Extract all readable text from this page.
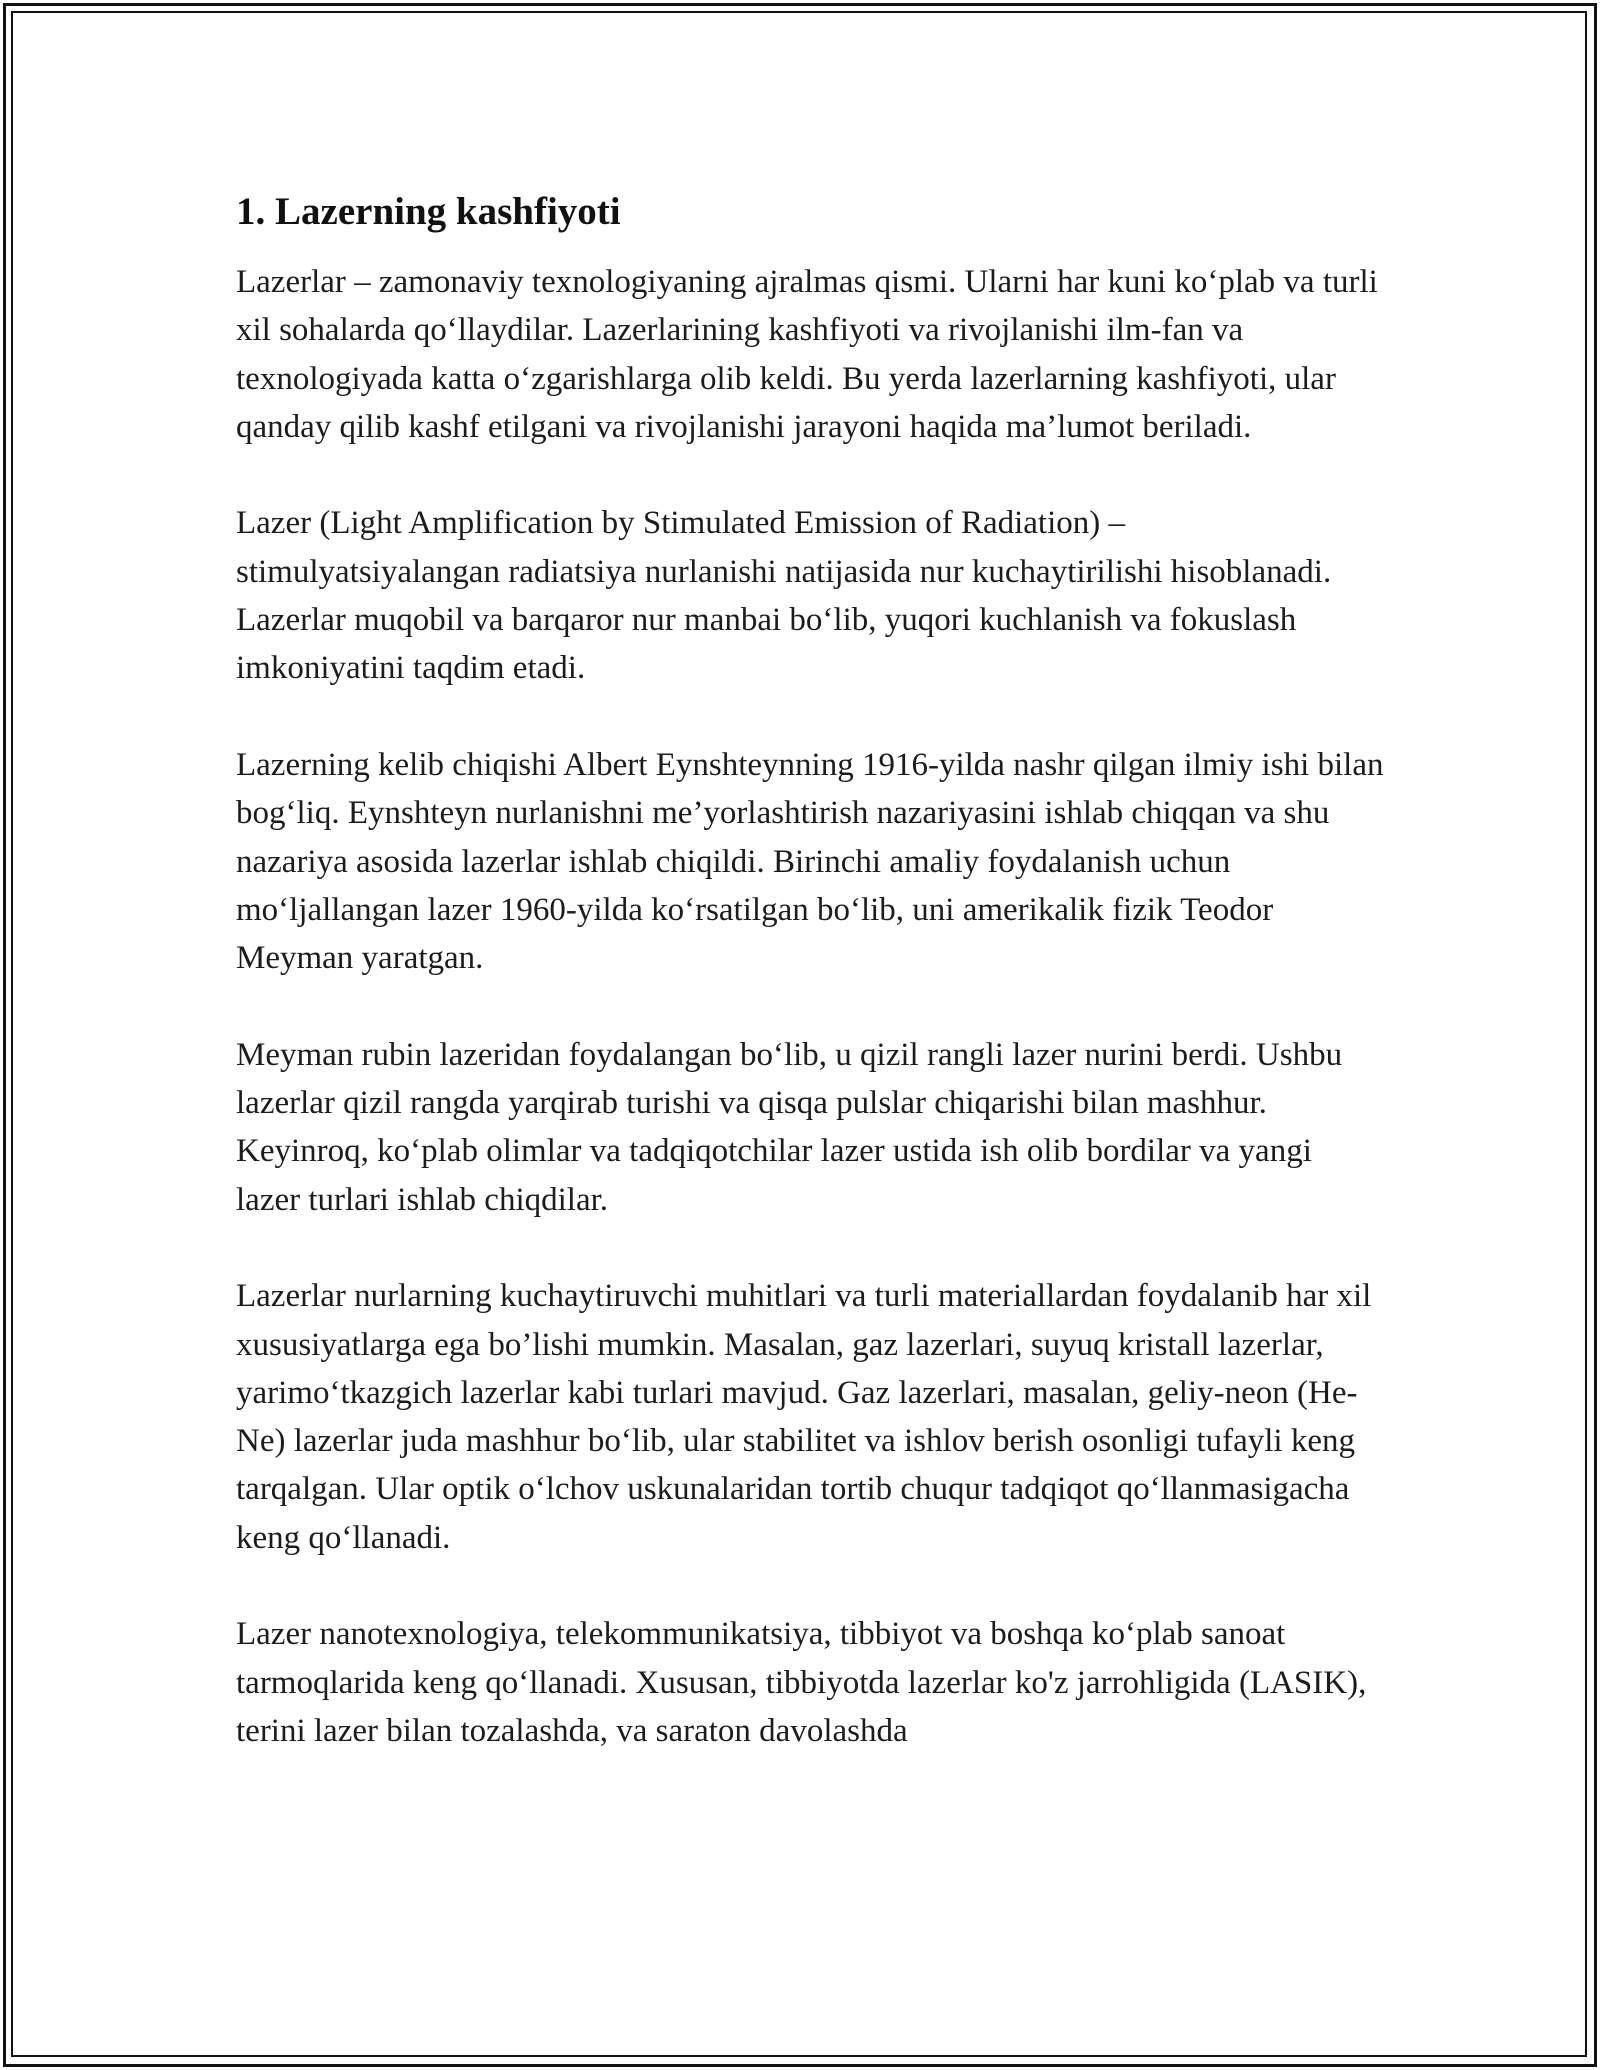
1. Lazerning kashfiyoti

Lazerlar – zamonaviy texnologiyaning ajralmas qismi. Ularni har kuni ko‘plab va turli xil sohalarda qo‘llaydilar. Lazerlarining kashfiyoti va rivojlanishi ilm-fan va texnologiyada katta o‘zgarishlarga olib keldi. Bu yerda lazerlarning kashfiyoti, ular qanday qilib kashf etilgani va rivojlanishi jarayoni haqida ma’lumot beriladi.

Lazer (Light Amplification by Stimulated Emission of Radiation) – stimulyatsiyalangan radiatsiya nurlanishi natijasida nur kuchaytirilishi hisoblanadi. Lazerlar muqobil va barqaror nur manbai bo‘lib, yuqori kuchlanish va fokuslash imkoniyatini taqdim etadi.

Lazerning kelib chiqishi Albert Eynshteynning 1916-yilda nashr qilgan ilmiy ishi bilan bog‘liq. Eynshteyn nurlanishni me’yorlashtirish nazariyasini ishlab chiqqan va shu nazariya asosida lazerlar ishlab chiqildi. Birinchi amaliy foydalanish uchun mo‘ljallangan lazer 1960-yilda ko‘rsatilgan bo‘lib, uni amerikalik fizik Teodor Meyman yaratgan.

Meyman rubin lazeridan foydalangan bo‘lib, u qizil rangli lazer nurini berdi. Ushbu lazerlar qizil rangda yarqirab turishi va qisqa pulslar chiqarishi bilan mashhur. Keyinroq, ko‘plab olimlar va tadqiqotchilar lazer ustida ish olib bordilar va yangi lazer turlari ishlab chiqdilar.

Lazerlar nurlarning kuchaytiruvchi muhitlari va turli materiallardan foydalanib har xil xususiyatlarga ega bo’lishi mumkin. Masalan, gaz lazerlari, suyuq kristall lazerlar, yarimo‘tkazgich lazerlar kabi turlari mavjud. Gaz lazerlari, masalan, geliy-neon (He-Ne) lazerlar juda mashhur bo‘lib, ular stabilitet va ishlov berish osonligi tufayli keng tarqalgan. Ular optik o‘lchov uskunalaridan tortib chuqur tadqiqot qo‘llanmasigacha keng qo‘llanadi.

Lazer nanotexnologiya, telekommunikatsiya, tibbiyot va boshqa ko‘plab sanoat tarmoqlarida keng qo‘llanadi. Xususan, tibbiyotda lazerlar ko'z jarrohligida (LASIK), terini lazer bilan tozalashda, va saraton davolashda
